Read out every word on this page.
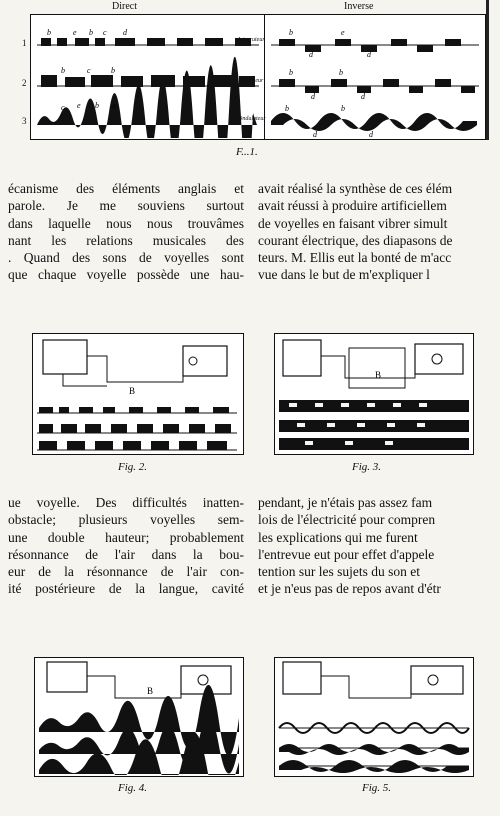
Direct	Inverse
b	e b c d
b	c	b
c e b e
b
d
e
d
b
d
b
d
b
d
b
d
1
2
3
Interruteur
Pulsateur
Ondulateur
F...1.
écanisme des éléments anglais et
parole. Je me souviens surtout
dans laquelle nous nous trouvâmes
nant les relations musicales des
. Quand des sons de voyelles sont
que chaque voyelle possède une hau-
avait réalisé la synthèse de ces élém
avait réussi à produire artificiellem
de voyelles en faisant vibrer simult
courant électrique, des diapasons de
teurs. M. Ellis eut la bonté de m'acc
vue dans le but de m'expliquer l
B
Fig. 2.
B
Fig. 3.
ue voyelle. Des difficultés inatten-
obstacle; plusieurs voyelles sem-
une double hauteur; probablement
résonnance de l'air dans la bou-
eur de la résonnance de l'air con-
ité postérieure de la langue, cavité
pendant, je n'étais pas assez fam
lois de l'électricité pour compren
les explications qui me furent
l'entrevue eut pour effet d'appele
tention sur les sujets du son et
et je n'eus pas de repos avant d'étr
B
Fig. 4.	Fig. 5.
